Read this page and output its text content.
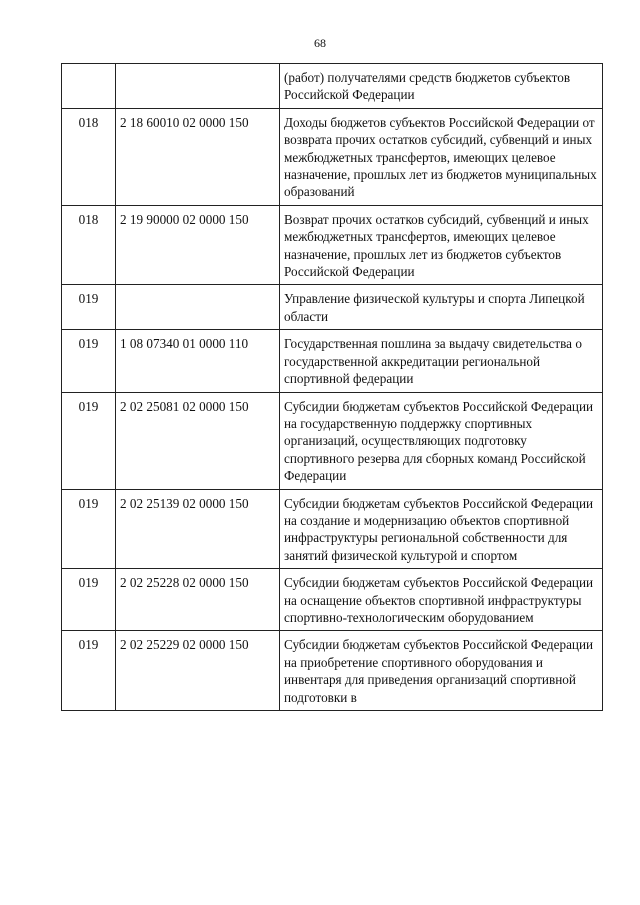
68
		(работ) получателями средств бюджетов субъектов Российской Федерации
018	2 18 60010 02 0000 150	Доходы бюджетов субъектов Российской Федерации от возврата прочих остатков субсидий, субвенций и иных межбюджетных трансфертов, имеющих целевое назначение, прошлых лет из бюджетов муниципальных образований
018	2 19 90000 02 0000 150	Возврат прочих остатков субсидий, субвенций и иных межбюджетных трансфертов, имеющих целевое назначение, прошлых лет из бюджетов субъектов Российской Федерации
019		Управление физической культуры и спорта Липецкой области
019	1 08 07340 01 0000 110	Государственная пошлина за выдачу свидетельства о государственной аккредитации региональной спортивной федерации
019	2 02 25081 02 0000 150	Субсидии бюджетам субъектов Российской Федерации на государственную поддержку спортивных организаций, осуществляющих подготовку спортивного резерва для сборных команд Российской Федерации
019	2 02 25139 02 0000 150	Субсидии бюджетам субъектов Российской Федерации на создание и модернизацию объектов спортивной инфраструктуры региональной собственности для занятий физической культурой и спортом
019	2 02 25228 02 0000 150	Субсидии бюджетам субъектов Российской Федерации на оснащение объектов спортивной инфраструктуры спортивно-технологическим оборудованием
019	2 02 25229 02 0000 150	Субсидии бюджетам субъектов Российской Федерации на приобретение спортивного оборудования и инвентаря для приведения организаций спортивной подготовки в
